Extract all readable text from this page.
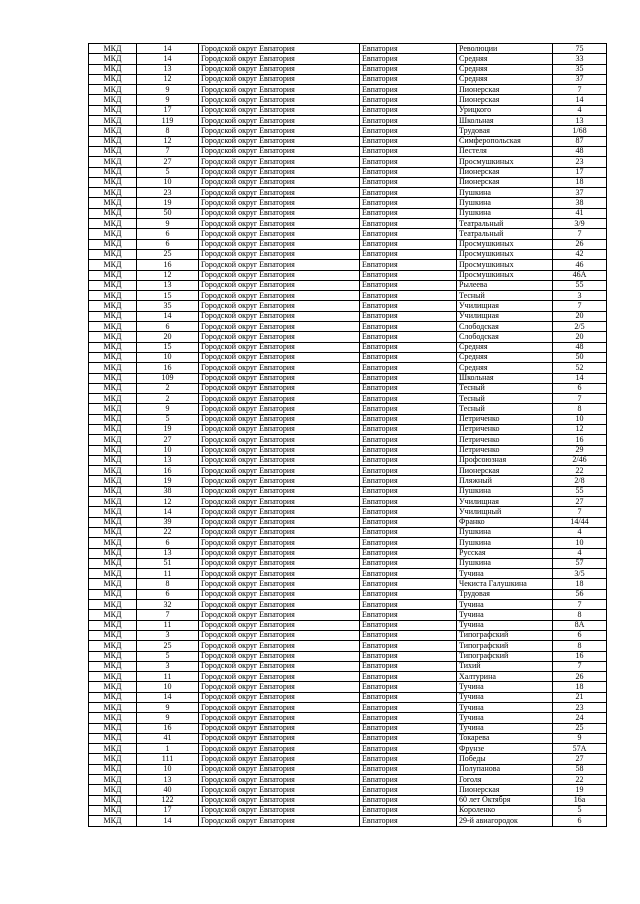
МКД	14	Городской округ Евпатория	Евпатория	Революции	75
МКД	14	Городской округ Евпатория	Евпатория	Средняя	33
МКД	13	Городской округ Евпатория	Евпатория	Средняя	35
МКД	12	Городской округ Евпатория	Евпатория	Средняя	37
МКД	9	Городской округ Евпатория	Евпатория	Пионерская	7
МКД	9	Городской округ Евпатория	Евпатория	Пионерская	14
МКД	17	Городской округ Евпатория	Евпатория	Урицкого	4
МКД	119	Городской округ Евпатория	Евпатория	Школьная	13
МКД	8	Городской округ Евпатория	Евпатория	Трудовая	1/68
МКД	12	Городской округ Евпатория	Евпатория	Симферопольская	87
МКД	7	Городской округ Евпатория	Евпатория	Пестеля	48
МКД	27	Городской округ Евпатория	Евпатория	Просмушкиных	23
МКД	5	Городской округ Евпатория	Евпатория	Пионерская	17
МКД	10	Городской округ Евпатория	Евпатория	Пионерская	18
МКД	23	Городской округ Евпатория	Евпатория	Пушкина	37
МКД	19	Городской округ Евпатория	Евпатория	Пушкина	38
МКД	50	Городской округ Евпатория	Евпатория	Пушкина	41
МКД	9	Городской округ Евпатория	Евпатория	Театральный	3/9
МКД	6	Городской округ Евпатория	Евпатория	Театральный	7
МКД	6	Городской округ Евпатория	Евпатория	Просмушкиных	26
МКД	25	Городской округ Евпатория	Евпатория	Просмушкиных	42
МКД	16	Городской округ Евпатория	Евпатория	Просмушкиных	46
МКД	12	Городской округ Евпатория	Евпатория	Просмушкиных	46А
МКД	13	Городской округ Евпатория	Евпатория	Рылеева	55
МКД	15	Городской округ Евпатория	Евпатория	Тесный	3
МКД	35	Городской округ Евпатория	Евпатория	Училищная	7
МКД	14	Городской округ Евпатория	Евпатория	Училищная	20
МКД	6	Городской округ Евпатория	Евпатория	Слободская	2/5
МКД	20	Городской округ Евпатория	Евпатория	Слободская	20
МКД	15	Городской округ Евпатория	Евпатория	Средняя	48
МКД	10	Городской округ Евпатория	Евпатория	Средняя	50
МКД	16	Городской округ Евпатория	Евпатория	Средняя	52
МКД	109	Городской округ Евпатория	Евпатория	Школьная	14
МКД	2	Городской округ Евпатория	Евпатория	Тесный	6
МКД	2	Городской округ Евпатория	Евпатория	Тесный	7
МКД	9	Городской округ Евпатория	Евпатория	Тесный	8
МКД	5	Городской округ Евпатория	Евпатория	Петриченко	10
МКД	19	Городской округ Евпатория	Евпатория	Петриченко	12
МКД	27	Городской округ Евпатория	Евпатория	Петриченко	16
МКД	10	Городской округ Евпатория	Евпатория	Петриченко	29
МКД	13	Городской округ Евпатория	Евпатория	Профсоюзная	2/46
МКД	16	Городской округ Евпатория	Евпатория	Пионерская	22
МКД	19	Городской округ Евпатория	Евпатория	Пляжный	2/8
МКД	38	Городской округ Евпатория	Евпатория	Пушкина	55
МКД	12	Городской округ Евпатория	Евпатория	Училищная	27
МКД	14	Городской округ Евпатория	Евпатория	Училищный	7
МКД	39	Городской округ Евпатория	Евпатория	Франко	14/44
МКД	22	Городской округ Евпатория	Евпатория	Пушкина	4
МКД	6	Городской округ Евпатория	Евпатория	Пушкина	10
МКД	13	Городской округ Евпатория	Евпатория	Русская	4
МКД	51	Городской округ Евпатория	Евпатория	Пушкина	57
МКД	11	Городской округ Евпатория	Евпатория	Тучина	3/5
МКД	8	Городской округ Евпатория	Евпатория	Чекиста Галушкина	18
МКД	6	Городской округ Евпатория	Евпатория	Трудовая	56
МКД	32	Городской округ Евпатория	Евпатория	Тучина	7
МКД	7	Городской округ Евпатория	Евпатория	Тучина	8
МКД	11	Городской округ Евпатория	Евпатория	Тучина	8А
МКД	3	Городской округ Евпатория	Евпатория	Типографский	6
МКД	25	Городской округ Евпатория	Евпатория	Типографский	8
МКД	5	Городской округ Евпатория	Евпатория	Типографский	16
МКД	3	Городской округ Евпатория	Евпатория	Тихий	7
МКД	11	Городской округ Евпатория	Евпатория	Халтурина	26
МКД	10	Городской округ Евпатория	Евпатория	Тучина	18
МКД	14	Городской округ Евпатория	Евпатория	Тучина	21
МКД	9	Городской округ Евпатория	Евпатория	Тучина	23
МКД	9	Городской округ Евпатория	Евпатория	Тучина	24
МКД	16	Городской округ Евпатория	Евпатория	Тучина	25
МКД	41	Городской округ Евпатория	Евпатория	Токарева	9
МКД	1	Городской округ Евпатория	Евпатория	Фрунзе	57А
МКД	111	Городской округ Евпатория	Евпатория	Победы	27
МКД	10	Городской округ Евпатория	Евпатория	Полупанова	58
МКД	13	Городской округ Евпатория	Евпатория	Гоголя	22
МКД	40	Городской округ Евпатория	Евпатория	Пионерская	19
МКД	122	Городской округ Евпатория	Евпатория	60 лет Октября	16а
МКД	17	Городской округ Евпатория	Евпатория	Короленко	5
МКД	14	Городской округ Евпатория	Евпатория	29-й авиагородок	6
